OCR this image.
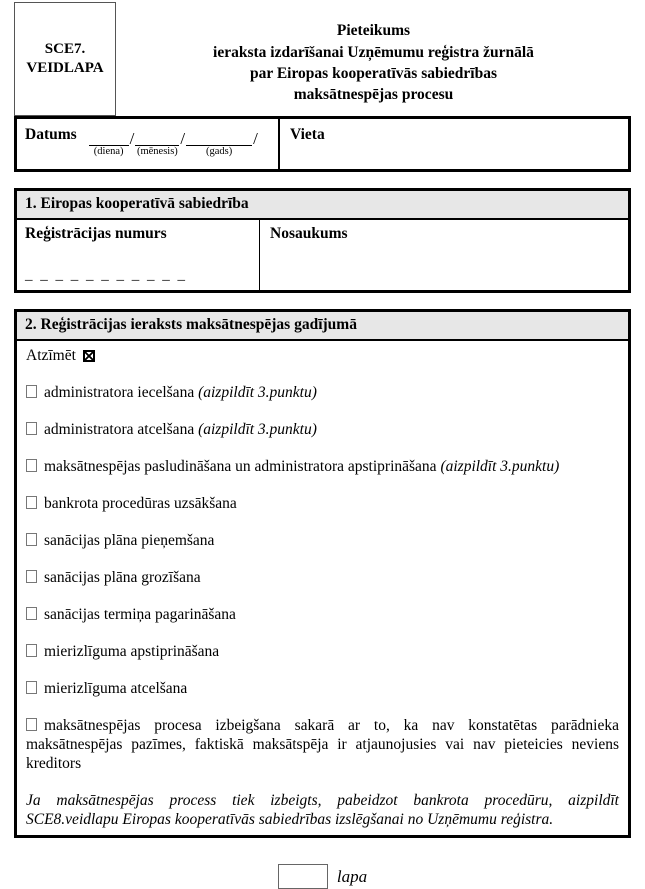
SCE7.
VEIDLAPA
Pieteikums
ieraksta izdarīšanai Uzņēmumu reģistra žurnālā
par Eiropas kooperatīvās sabiedrības
maksātnespējas procesu
Datums	/
(diena)
/
(mēnesis)
/
(gads)
Vieta
1. Eiropas kooperatīvā sabiedrība
Reģistrācijas numurs
_ _ _ _ _ _ _ _ _ _ _
Nosaukums
2. Reģistrācijas ieraksts maksātnespējas gadījumā
Atzīmēt
administratora iecelšana (aizpildīt 3.punktu)
administratora atcelšana (aizpildīt 3.punktu)
maksātnespējas pasludināšana un administratora apstiprināšana (aizpildīt 3.punktu)
bankrota procedūras uzsākšana
sanācijas plāna pieņemšana
sanācijas plāna grozīšana
sanācijas termiņa pagarināšana
mierizlīguma apstiprināšana
mierizlīguma atcelšana
maksātnespējas procesa izbeigšana sakarā ar to, ka nav konstatētas parādnieka maksātnespējas pazīmes, faktiskā maksātspēja ir atjaunojusies vai nav pieteicies neviens kreditors
Ja maksātnespējas process tiek izbeigts, pabeidzot bankrota procedūru, aizpildīt SCE8.veidlapu Eiropas kooperatīvās sabiedrības izslēgšanai no Uzņēmumu reģistra.
lapa
